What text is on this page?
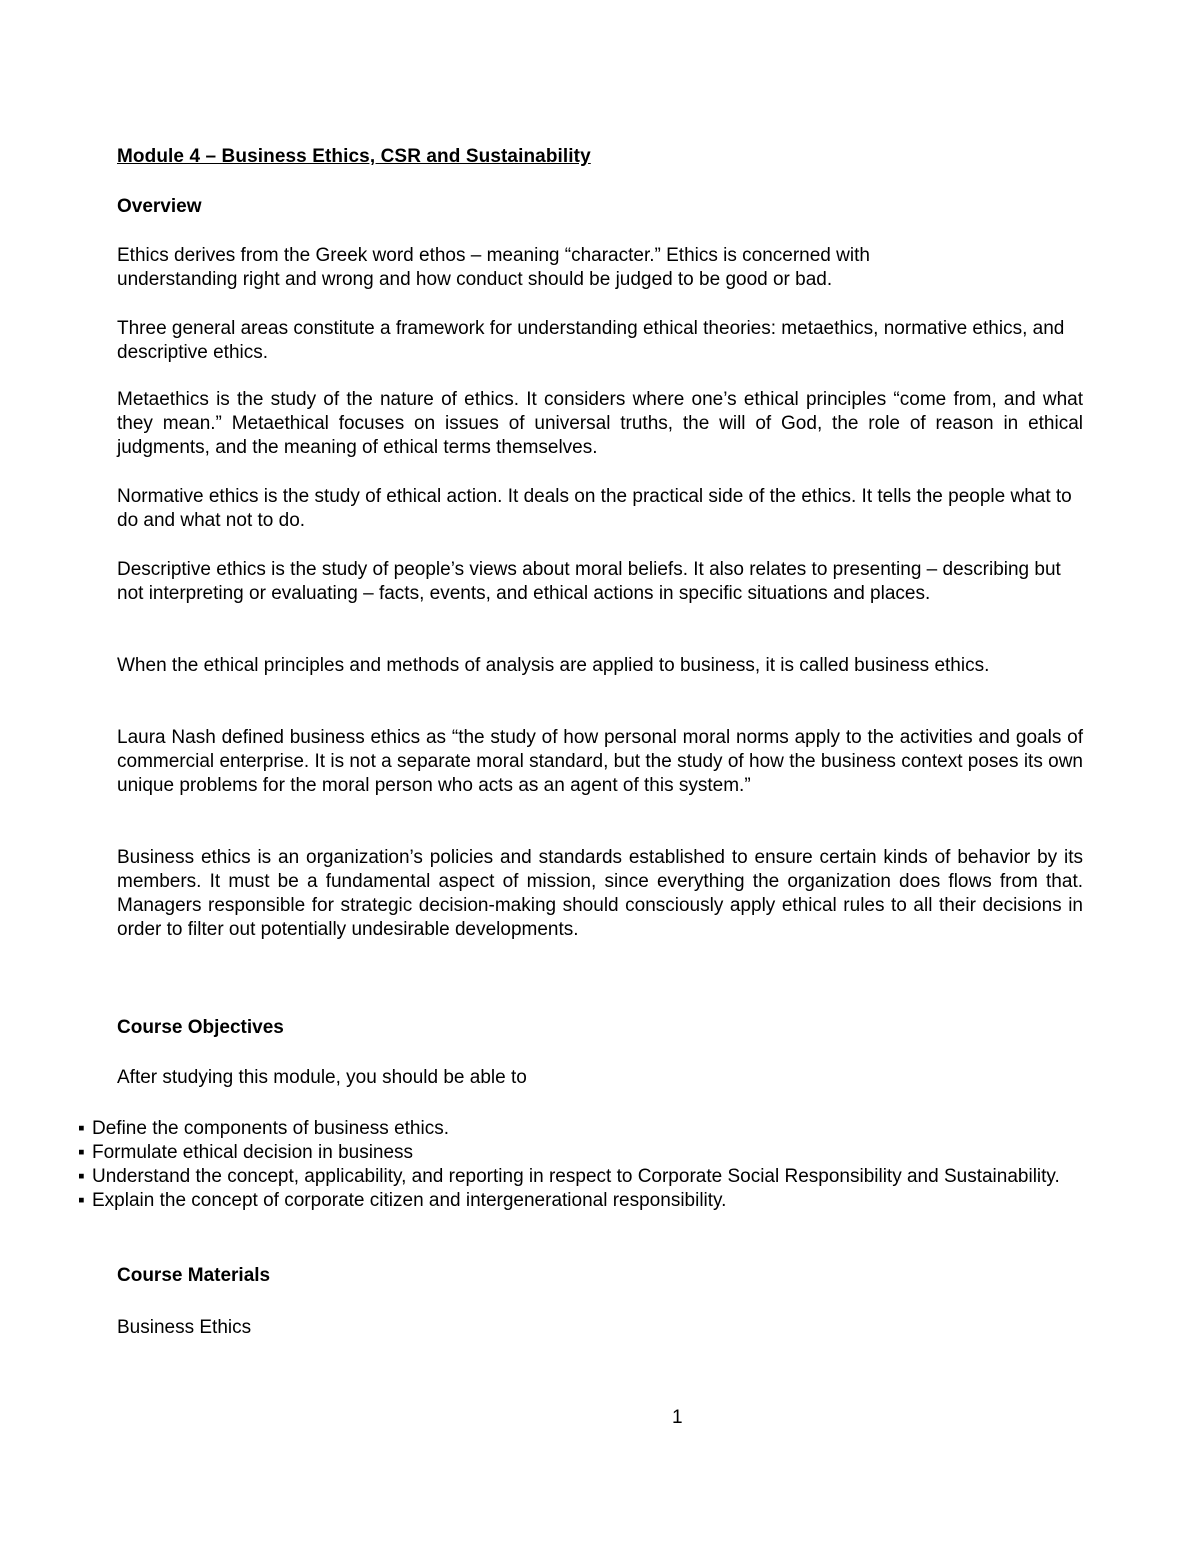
Module 4 – Business Ethics, CSR and Sustainability
Overview

Ethics derives from the Greek word ethos – meaning “character.” Ethics is concerned with understanding right and wrong and how conduct should be judged to be good or bad.

Three general areas constitute a framework for understanding ethical theories: metaethics, normative ethics, and descriptive ethics.

Metaethics is the study of the nature of ethics. It considers where one’s ethical principles “come from, and what they mean.” Metaethical focuses on issues of universal truths, the will of God, the role of reason in ethical judgments, and the meaning of ethical terms themselves.

Normative ethics is the study of ethical action. It deals on the practical side of the ethics. It tells the people what to do and what not to do.

Descriptive ethics is the study of people’s views about moral beliefs. It also relates to presenting – describing but not interpreting or evaluating – facts, events, and ethical actions in specific situations and places.

When the ethical principles and methods of analysis are applied to business, it is called business ethics.

Laura Nash defined business ethics as “the study of how personal moral norms apply to the activities and goals of commercial enterprise. It is not a separate moral standard, but the study of how the business context poses its own unique problems for the moral person who acts as an agent of this system.”

Business ethics is an organization’s policies and standards established to ensure certain kinds of behavior by its members. It must be a fundamental aspect of mission, since everything the organization does flows from that. Managers responsible for strategic decision-making should consciously apply ethical rules to all their decisions in order to filter out potentially undesirable developments.

Course Objectives
After studying this module, you should be able to
▪ Define the components of business ethics.
▪ Formulate ethical decision in business
▪ Understand the concept, applicability, and reporting in respect to Corporate Social Responsibility and Sustainability.
▪ Explain the concept of corporate citizen and intergenerational responsibility.
Course Materials
Business Ethics
1
